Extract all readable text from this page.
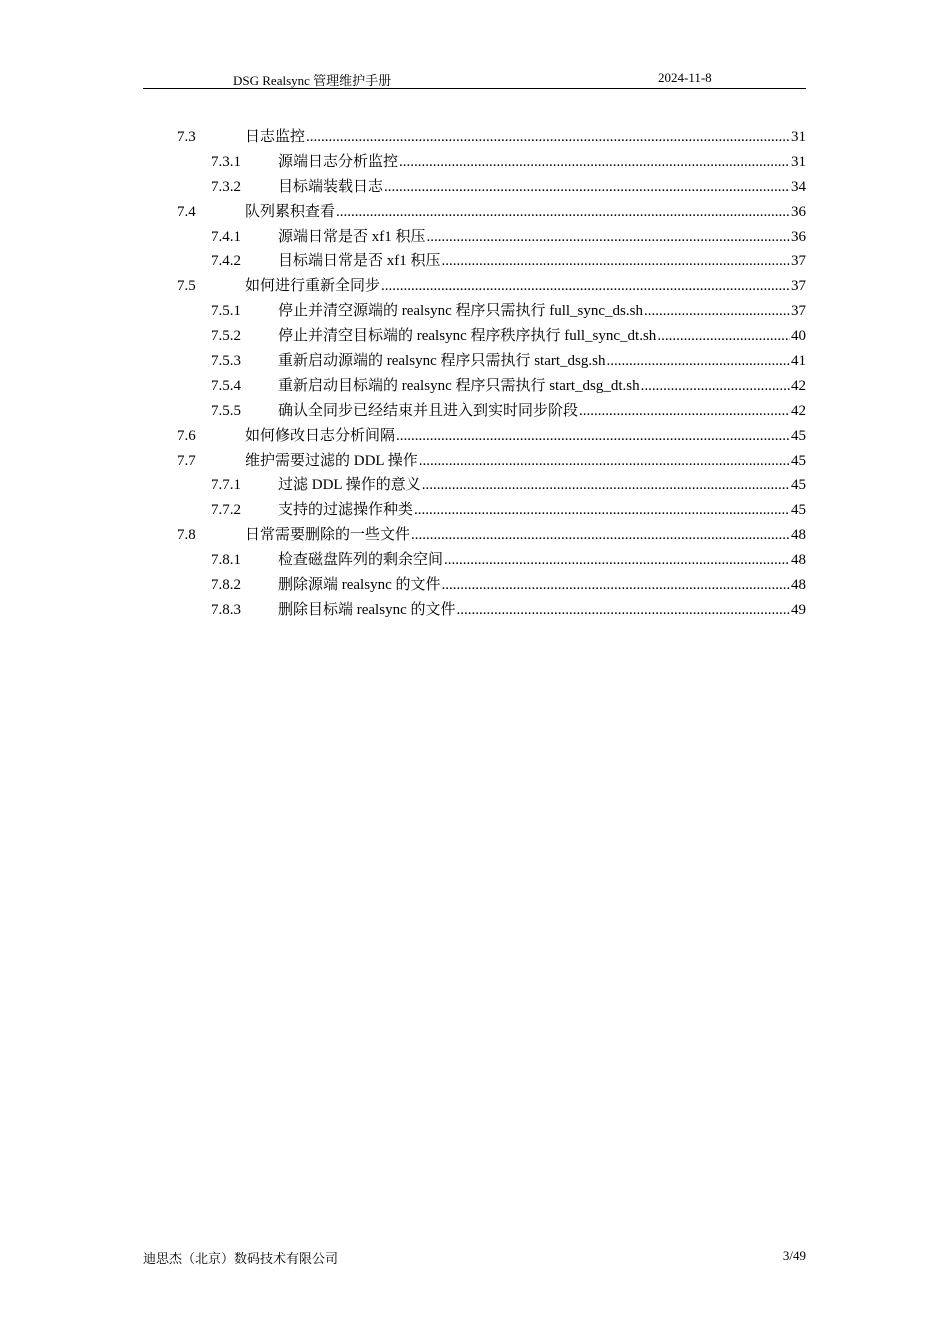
DSG Realsync 管理维护手册	2024-11-8
7.3	日志监控 .....	31
7.3.1	源端日志分析监控 .....	31
7.3.2	目标端装载日志 .....	34
7.4	队列累积查看 .....	36
7.4.1	源端日常是否 xf1 积压 .....	36
7.4.2	目标端日常是否 xf1 积压 .....	37
7.5	如何进行重新全同步 .....	37
7.5.1	停止并清空源端的 realsync 程序只需执行 full_sync_ds.sh .....	37
7.5.2	停止并清空目标端的 realsync 程序秩序执行 full_sync_dt.sh .....	40
7.5.3	重新启动源端的 realsync 程序只需执行 start_dsg.sh .....	41
7.5.4	重新启动目标端的 realsync 程序只需执行 start_dsg_dt.sh .....	42
7.5.5	确认全同步已经结束并且进入到实时同步阶段 .....	42
7.6	如何修改日志分析间隔 .....	45
7.7	维护需要过滤的 DDL 操作 .....	45
7.7.1	过滤 DDL 操作的意义 .....	45
7.7.2	支持的过滤操作种类 .....	45
7.8	日常需要删除的一些文件 .....	48
7.8.1	检查磁盘阵列的剩余空间 .....	48
7.8.2	删除源端 realsync 的文件 .....	48
7.8.3	删除目标端 realsync 的文件 .....	49
迪思杰（北京）数码技术有限公司	3/49
